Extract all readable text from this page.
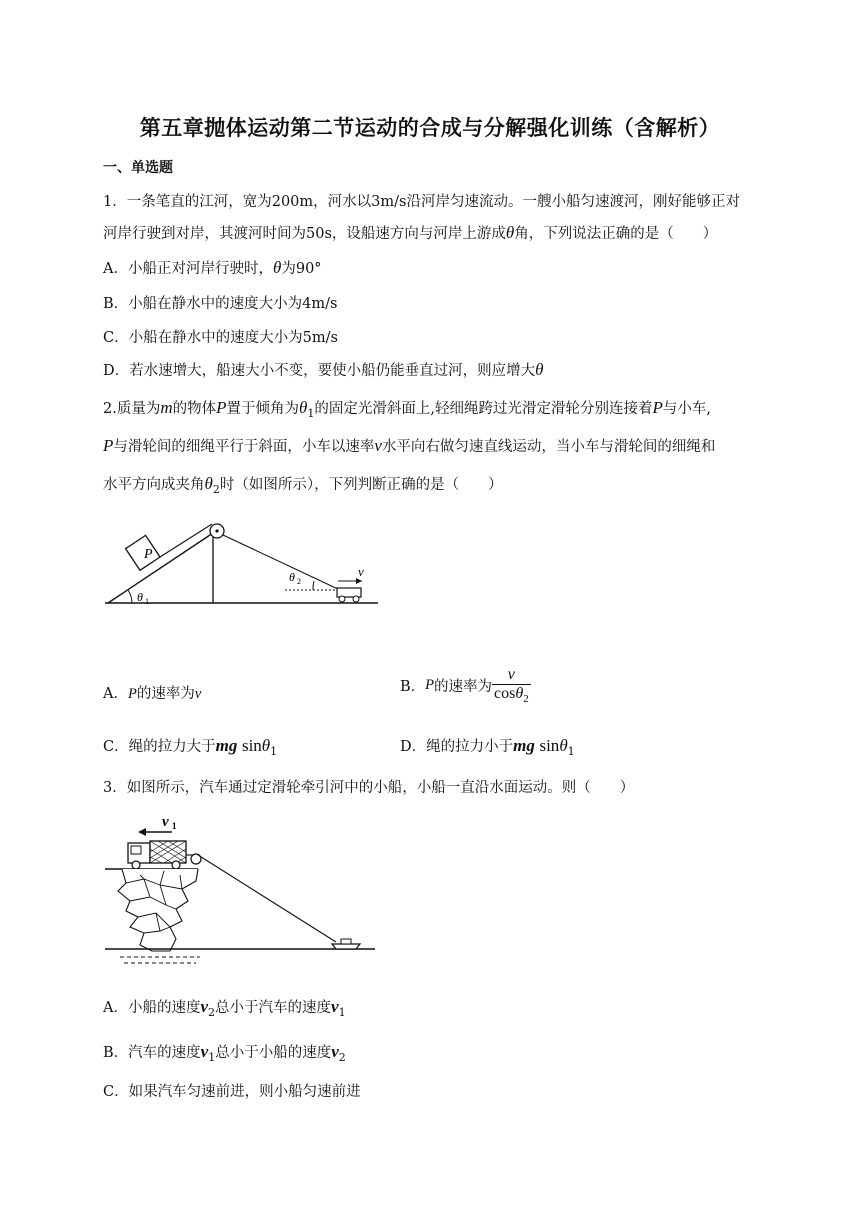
第五章抛体运动第二节运动的合成与分解强化训练（含解析）
一、单选题
1．一条笔直的江河，宽为200m，河水以3m/s沿河岸匀速流动。一艘小船匀速渡河，刚好能够正对
河岸行驶到对岸，其渡河时间为50s，设船速方向与河岸上游成θ角，下列说法正确的是（　　）
A．小船正对河岸行驶时，θ为90°
B．小船在静水中的速度大小为4m/s
C．小船在静水中的速度大小为5m/s
D．若水速增大，船速大小不变，要使小船仍能垂直过河，则应增大θ
2.质量为m的物体P置于倾角为$\theta_1$的固定光滑斜面上,轻细绳跨过光滑定滑轮分别连接着P与小车,
P与滑轮间的细绳平行于斜面，小车以速率v水平向右做匀速直线运动，当小车与滑轮间的细绳和
水平方向成夹角$\theta_2$时（如图所示），下列判断正确的是（　　）
P
θ 1
θ 2
v
A．P的速率为v	B．P的速率为 $\frac{v}{\cos\theta_2}$
C．绳的拉力大于mg sinθ$_1$	D．绳的拉力小于mg sinθ$_1$
3．如图所示，汽车通过定滑轮牵引河中的小船，小船一直沿水面运动。则（　　）
v 1
A．小船的速度$v_2$总小于汽车的速度$v_1$
B．汽车的速度$v_1$总小于小船的速度$v_2$
C．如果汽车匀速前进，则小船匀速前进
